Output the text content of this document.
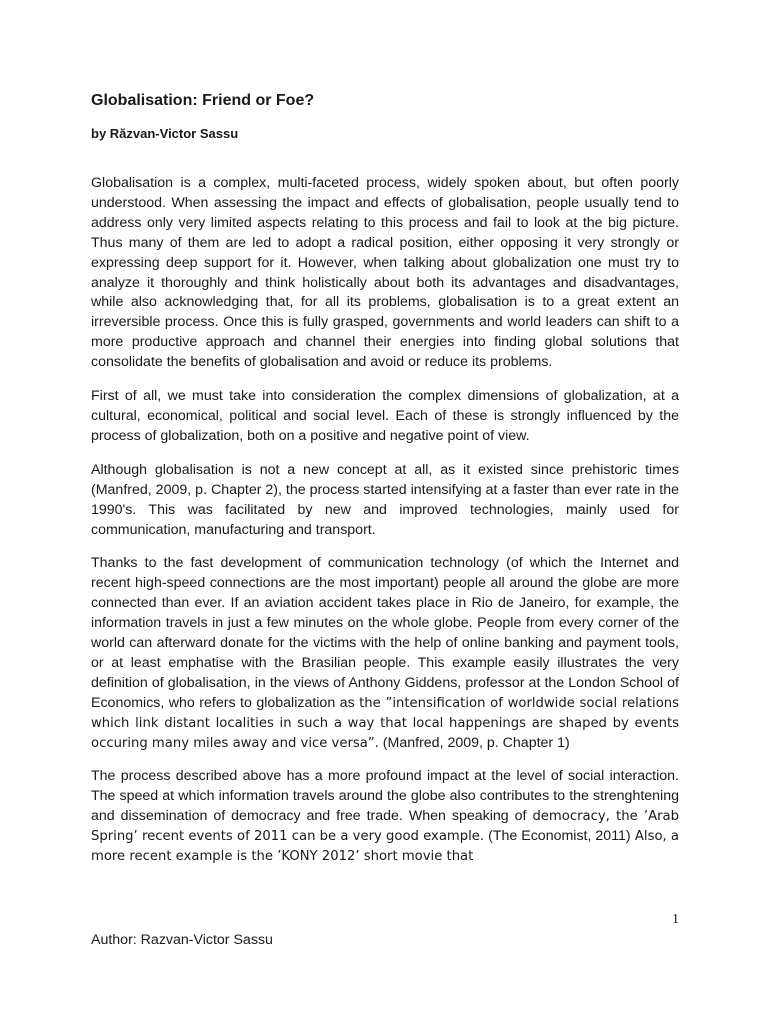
Globalisation: Friend or Foe?

by Răzvan-Victor Sassu

Globalisation is a complex, multi-faceted process, widely spoken about, but often poorly understood. When assessing the impact and effects of globalisation, people usually tend to address only very limited aspects relating to this process and fail to look at the big picture. Thus many of them are led to adopt a radical position, either opposing it very strongly or expressing deep support for it. However, when talking about globalization one must try to analyze it thoroughly and think holistically about both its advantages and disadvantages, while also acknowledging that, for all its problems, globalisation is to a great extent an irreversible process. Once this is fully grasped, governments and world leaders can shift to a more productive approach and channel their energies into finding global solutions that consolidate the benefits of globalisation and avoid or reduce its problems.

First of all, we must take into consideration the complex dimensions of globalization, at a cultural, economical, political and social level. Each of these is strongly influenced by the process of globalization, both on a positive and negative point of view.

Although globalisation is not a new concept at all, as it existed since prehistoric times (Manfred, 2009, p. Chapter 2), the process started intensifying at a faster than ever rate in the 1990's. This was facilitated by new and improved technologies, mainly used for communication, manufacturing and transport.

Thanks to the fast development of communication technology (of which the Internet and recent high-speed connections are the most important) people all around the globe are more connected than ever. If an aviation accident takes place in Rio de Janeiro, for example, the information travels in just a few minutes on the whole globe. People from every corner of the world can afterward donate for the victims with the help of online banking and payment tools, or at least emphatise with the Brasilian people. This example easily illustrates the very definition of globalisation, in the views of Anthony Giddens, professor at the London School of Economics, who refers to globalization as the ”intensification of worldwide social relations which link distant localities in such a way that local happenings are shaped by events occuring many miles away and vice versa”. (Manfred, 2009, p. Chapter 1)

The process described above has a more profound impact at the level of social interaction. The speed at which information travels around the globe also contributes to the strenghtening and dissemination of democracy and free trade. When speaking of democracy, the ’Arab Spring’ recent events of 2011 can be a very good example. (The Economist, 2011) Also, a more recent example is the ’KONY 2012’ short movie that

1
Author: Razvan-Victor Sassu
